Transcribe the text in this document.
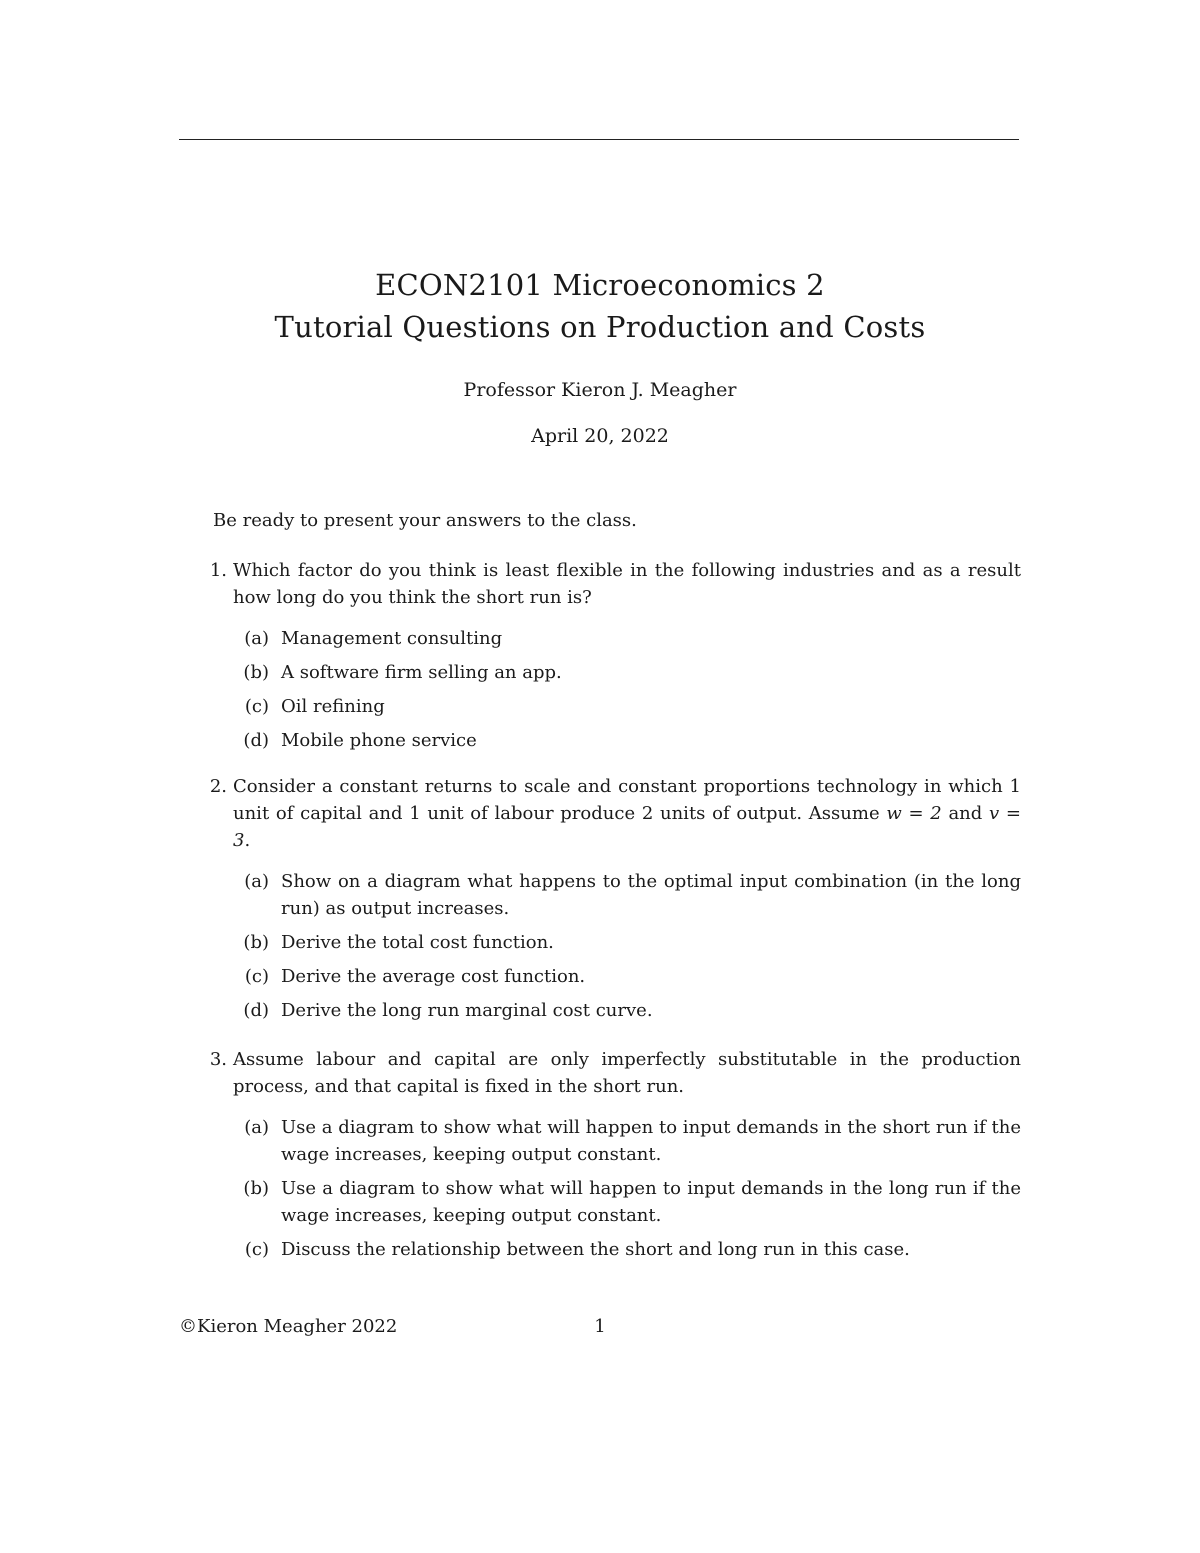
ECON2101 Microeconomics 2
Tutorial Questions on Production and Costs
Professor Kieron J. Meagher
April 20, 2022
Be ready to present your answers to the class.
1. Which factor do you think is least flexible in the following industries and as a result how long do you think the short run is?
(a) Management consulting
(b) A software firm selling an app.
(c) Oil refining
(d) Mobile phone service
2. Consider a constant returns to scale and constant proportions technology in which 1 unit of capital and 1 unit of labour produce 2 units of output. Assume w = 2 and v = 3.
(a) Show on a diagram what happens to the optimal input combination (in the long run) as output increases.
(b) Derive the total cost function.
(c) Derive the average cost function.
(d) Derive the long run marginal cost curve.
3. Assume labour and capital are only imperfectly substitutable in the production process, and that capital is fixed in the short run.
(a) Use a diagram to show what will happen to input demands in the short run if the wage increases, keeping output constant.
(b) Use a diagram to show what will happen to input demands in the long run if the wage increases, keeping output constant.
(c) Discuss the relationship between the short and long run in this case.
©Kieron Meagher 2022	1
